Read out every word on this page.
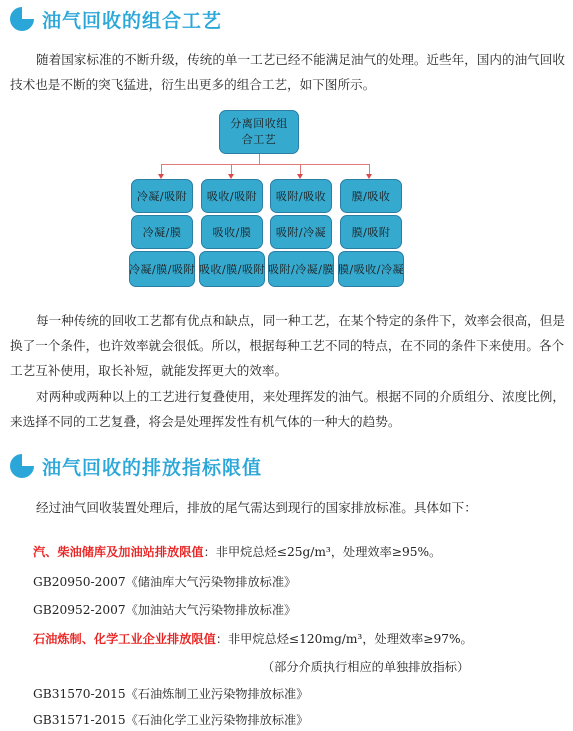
油气回收的组合工艺

随着国家标准的不断升级，传统的单一工艺已经不能满足油气的处理。近些年，国内的油气回收技术也是不断的突飞猛进，衍生出更多的组合工艺，如下图所示。

分离回收组合工艺
冷凝/吸附
冷凝/膜
冷凝/膜/吸附
吸收/吸附
吸收/膜
吸收/膜/吸附
吸附/吸收
吸附/冷凝
吸附/冷凝/膜
膜/吸收
膜/吸附
膜/吸收/冷凝

每一种传统的回收工艺都有优点和缺点，同一种工艺，在某个特定的条件下，效率会很高，但是换了一个条件，也许效率就会很低。所以，根据每种工艺不同的特点，在不同的条件下来使用。各个工艺互补使用，取长补短，就能发挥更大的效率。

对两种或两种以上的工艺进行复叠使用，来处理挥发的油气。根据不同的介质组分、浓度比例，来选择不同的工艺复叠，将会是处理挥发性有机气体的一种大的趋势。

油气回收的排放指标限值

经过油气回收装置处理后，排放的尾气需达到现行的国家排放标准。具体如下：

汽、柴油储库及加油站排放限值：非甲烷总烃≤25g/m³，处理效率≥95%。

GB20950-2007《储油库大气污染物排放标准》

GB20952-2007《加油站大气污染物排放标准》

石油炼制、化学工业企业排放限值：非甲烷总烃≤120mg/m³，处理效率≥97%。

（部分介质执行相应的单独排放指标）

GB31570-2015《石油炼制工业污染物排放标准》

GB31571-2015《石油化学工业污染物排放标准》
